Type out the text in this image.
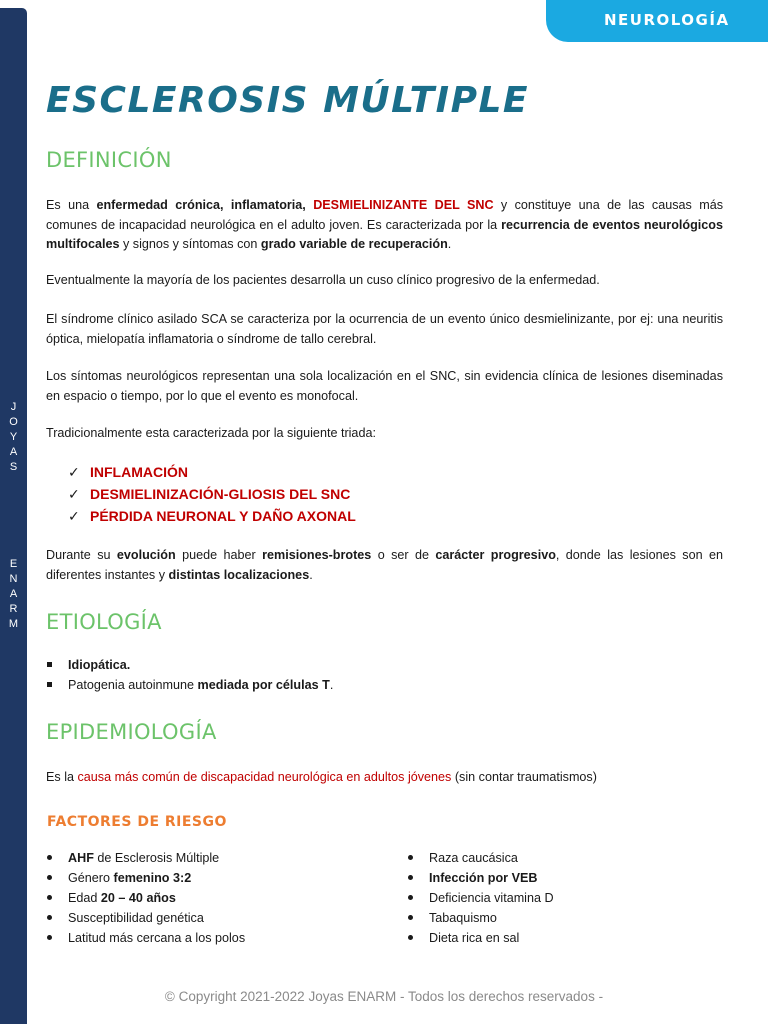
J
O
Y
A
S
E
N
A
R
M
NEUROLOGÍA
ESCLEROSIS MÚLTIPLE
DEFINICIÓN
Es una enfermedad crónica, inflamatoria, DESMIELINIZANTE DEL SNC y constituye una de las causas más comunes de incapacidad neurológica en el adulto joven. Es caracterizada por la recurrencia de eventos neurológicos multifocales y signos y síntomas con grado variable de recuperación.
Eventualmente la mayoría de los pacientes desarrolla un cuso clínico progresivo de la enfermedad.
El síndrome clínico asilado SCA se caracteriza por la ocurrencia de un evento único desmielinizante, por ej: una neuritis óptica, mielopatía inflamatoria o síndrome de tallo cerebral.
Los síntomas neurológicos representan una sola localización en el SNC, sin evidencia clínica de lesiones diseminadas en espacio o tiempo, por lo que el evento es monofocal.
Tradicionalmente esta caracterizada por la siguiente triada:
✓ INFLAMACIÓN
✓ DESMIELINIZACIÓN-GLIOSIS DEL SNC
✓ PÉRDIDA NEURONAL Y DAÑO AXONAL
Durante su evolución puede haber remisiones-brotes o ser de carácter progresivo, donde las lesiones son en diferentes instantes y distintas localizaciones.
ETIOLOGÍA
Idiopática.
Patogenia autoinmune mediada por células T.
EPIDEMIOLOGÍA
Es la causa más común de discapacidad neurológica en adultos jóvenes (sin contar traumatismos)
FACTORES DE RIESGO
AHF de Esclerosis Múltiple
Género femenino 3:2
Edad 20 – 40 años
Susceptibilidad genética
Latitud más cercana a los polos
Raza caucásica
Infección por VEB
Deficiencia vitamina D
Tabaquismo
Dieta rica en sal
© Copyright 2021-2022 Joyas ENARM - Todos los derechos reservados -
